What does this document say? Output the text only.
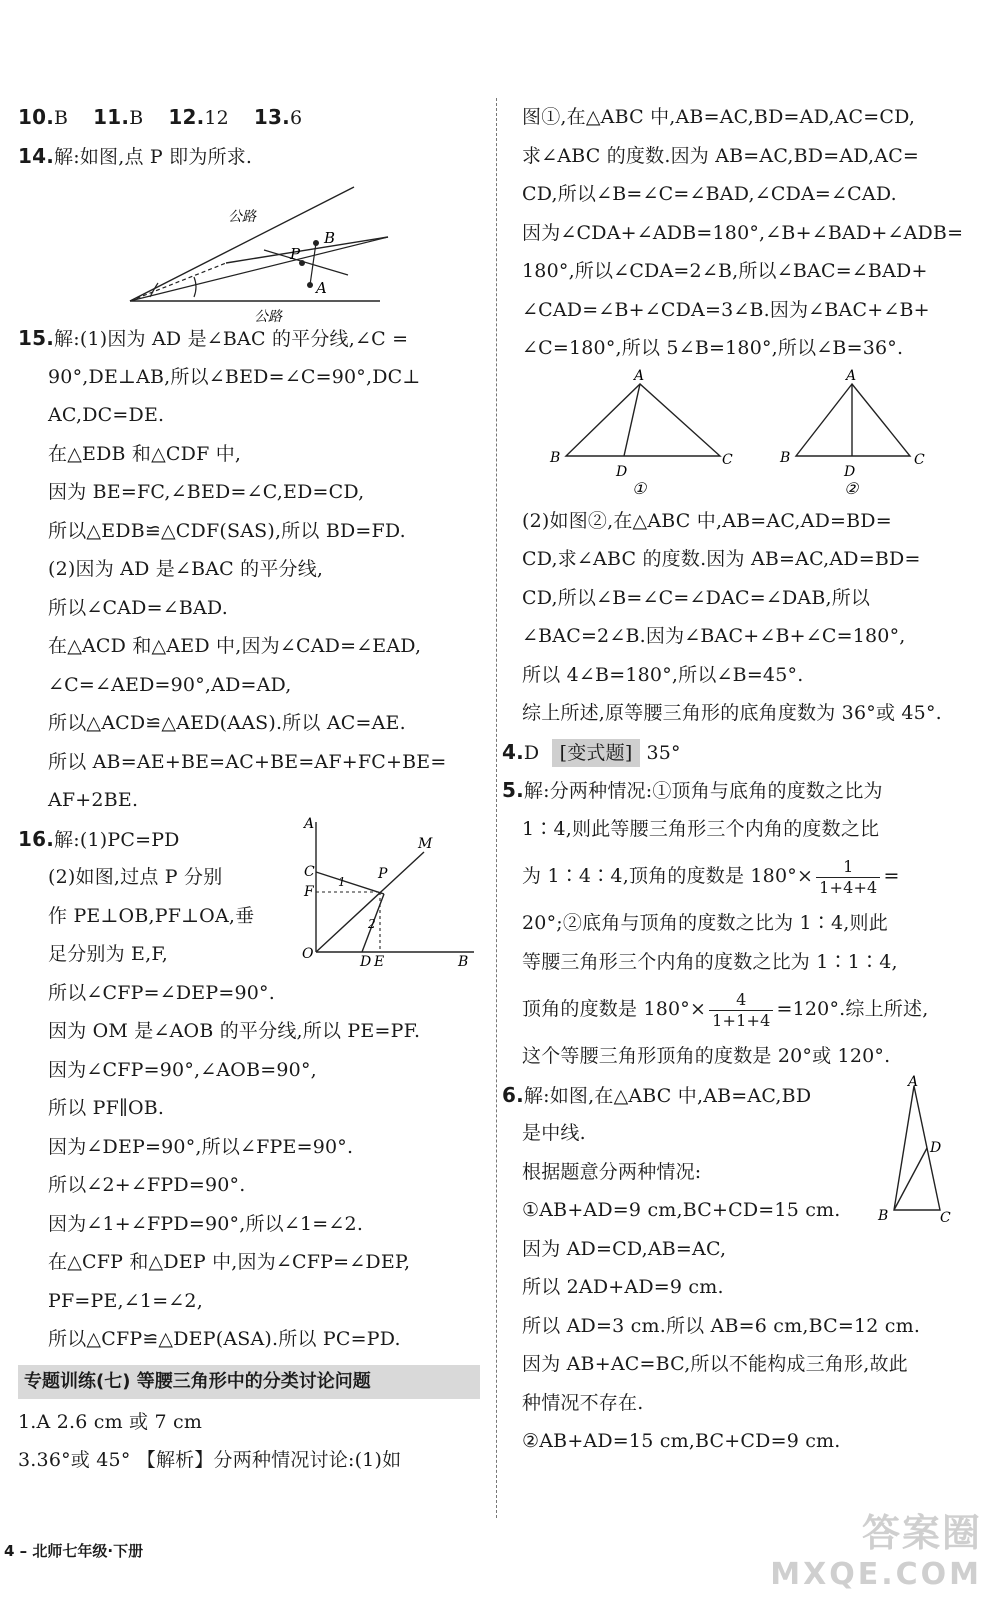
10.B 11.B 12.12 13.6
14.解:如图,点 P 即为所求.
公路
公路
P
B
A
15.解:(1)因为 AD 是∠BAC 的平分线,∠C =
90°,DE⊥AB,所以∠BED=∠C=90°,DC⊥
AC,DC=DE.
在△EDB 和△CDF 中,
因为 BE=FC,∠BED=∠C,ED=CD,
所以△EDB≌△CDF(SAS),所以 BD=FD.
(2)因为 AD 是∠BAC 的平分线,
所以∠CAD=∠BAD.
在△ACD 和△AED 中,因为∠CAD=∠EAD,
∠C=∠AED=90°,AD=AD,
所以△ACD≌△AED(AAS).所以 AC=AE.
所以 AB=AE+BE=AC+BE=AF+FC+BE=
AF+2BE.
16.解:(1)PC=PD
(2)如图,过点 P 分别
作 PE⊥OB,PF⊥OA,垂
足分别为 E,F,
A
C
F
P
M
O	D E	B
1
2
所以∠CFP=∠DEP=90°.
因为 OM 是∠AOB 的平分线,所以 PE=PF.
因为∠CFP=90°,∠AOB=90°,
所以 PF∥OB.
因为∠DEP=90°,所以∠FPE=90°.
所以∠2+∠FPD=90°.
因为∠1+∠FPD=90°,所以∠1=∠2.
在△CFP 和△DEP 中,因为∠CFP=∠DEP,
PF=PE,∠1=∠2,
所以△CFP≌△DEP(ASA).所以 PC=PD.
专题训练(七) 等腰三角形中的分类讨论问题
1.A 2.6 cm 或 7 cm
3.36°或 45° 【解析】分两种情况讨论:(1)如
图①,在△ABC 中,AB=AC,BD=AD,AC=CD,
求∠ABC 的度数.因为 AB=AC,BD=AD,AC=
CD,所以∠B=∠C=∠BAD,∠CDA=∠CAD.
因为∠CDA+∠ADB=180°,∠B+∠BAD+∠ADB=
180°,所以∠CDA=2∠B,所以∠BAC=∠BAD+
∠CAD=∠B+∠CDA=3∠B.因为∠BAC+∠B+
∠C=180°,所以 5∠B=180°,所以∠B=36°.
A
B
D
C
①
A
B
D
C
②
(2)如图②,在△ABC 中,AB=AC,AD=BD=
CD,求∠ABC 的度数.因为 AB=AC,AD=BD=
CD,所以∠B=∠C=∠DAC=∠DAB,所以
∠BAC=2∠B.因为∠BAC+∠B+∠C=180°,
所以 4∠B=180°,所以∠B=45°.
综上所述,原等腰三角形的底角度数为 36°或 45°.
4.D [变式题] 35°
5.解:分两种情况:①顶角与底角的度数之比为
1∶4,则此等腰三角形三个内角的度数之比
为 1∶4∶4,顶角的度数是 $180^\circ\times \frac{1}{1+4+4}$ =
20°;②底角与顶角的度数之比为 1∶4,则此
等腰三角形三个内角的度数之比为 1∶1∶4,
顶角的度数是 $180^\circ\times \frac{4}{1+1+4} =120^\circ$.综上所述,
这个等腰三角形顶角的度数是 20°或 120°.
6.解:如图,在△ABC 中,AB=AC,BD
是中线.
根据题意分两种情况:
①AB+AD=9 cm,BC+CD=15 cm.
A
D
B	C
因为 AD=CD,AB=AC,
所以 2AD+AD=9 cm.
所以 AD=3 cm.所以 AB=6 cm,BC=12 cm.
因为 AB+AC=BC,所以不能构成三角形,故此
种情况不存在.
②AB+AD=15 cm,BC+CD=9 cm.
4 – 北师七年级·下册	答案圈
MXQE.COM
